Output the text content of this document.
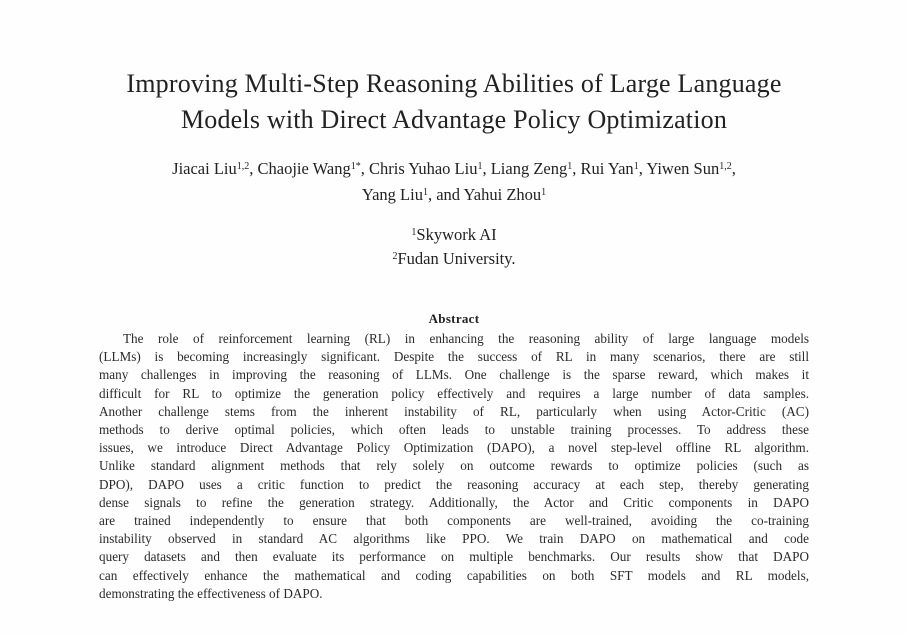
Improving Multi-Step Reasoning Abilities of Large Language
Models with Direct Advantage Policy Optimization
Jiacai Liu$^{1,2}$, Chaojie Wang$^{1*}$, Chris Yuhao Liu$^1$, Liang Zeng$^1$, Rui Yan$^1$, Yiwen Sun$^{1,2}$,
Yang Liu$^1$, and Yahui Zhou$^1$
$^1$Skywork AI
$^2$Fudan University.
Abstract
The role of reinforcement learning (RL) in enhancing the reasoning ability of large language models
(LLMs) is becoming increasingly significant. Despite the success of RL in many scenarios, there are still
many challenges in improving the reasoning of LLMs. One challenge is the sparse reward, which makes it
difficult for RL to optimize the generation policy effectively and requires a large number of data samples.
Another challenge stems from the inherent instability of RL, particularly when using Actor-Critic (AC)
methods to derive optimal policies, which often leads to unstable training processes. To address these
issues, we introduce Direct Advantage Policy Optimization (DAPO), a novel step-level offline RL algorithm.
Unlike standard alignment methods that rely solely on outcome rewards to optimize policies (such as
DPO), DAPO uses a critic function to predict the reasoning accuracy at each step, thereby generating
dense signals to refine the generation strategy. Additionally, the Actor and Critic components in DAPO
are trained independently to ensure that both components are well-trained, avoiding the co-training
instability observed in standard AC algorithms like PPO. We train DAPO on mathematical and code
query datasets and then evaluate its performance on multiple benchmarks. Our results show that DAPO
can effectively enhance the mathematical and coding capabilities on both SFT models and RL models,
demonstrating the effectiveness of DAPO.
